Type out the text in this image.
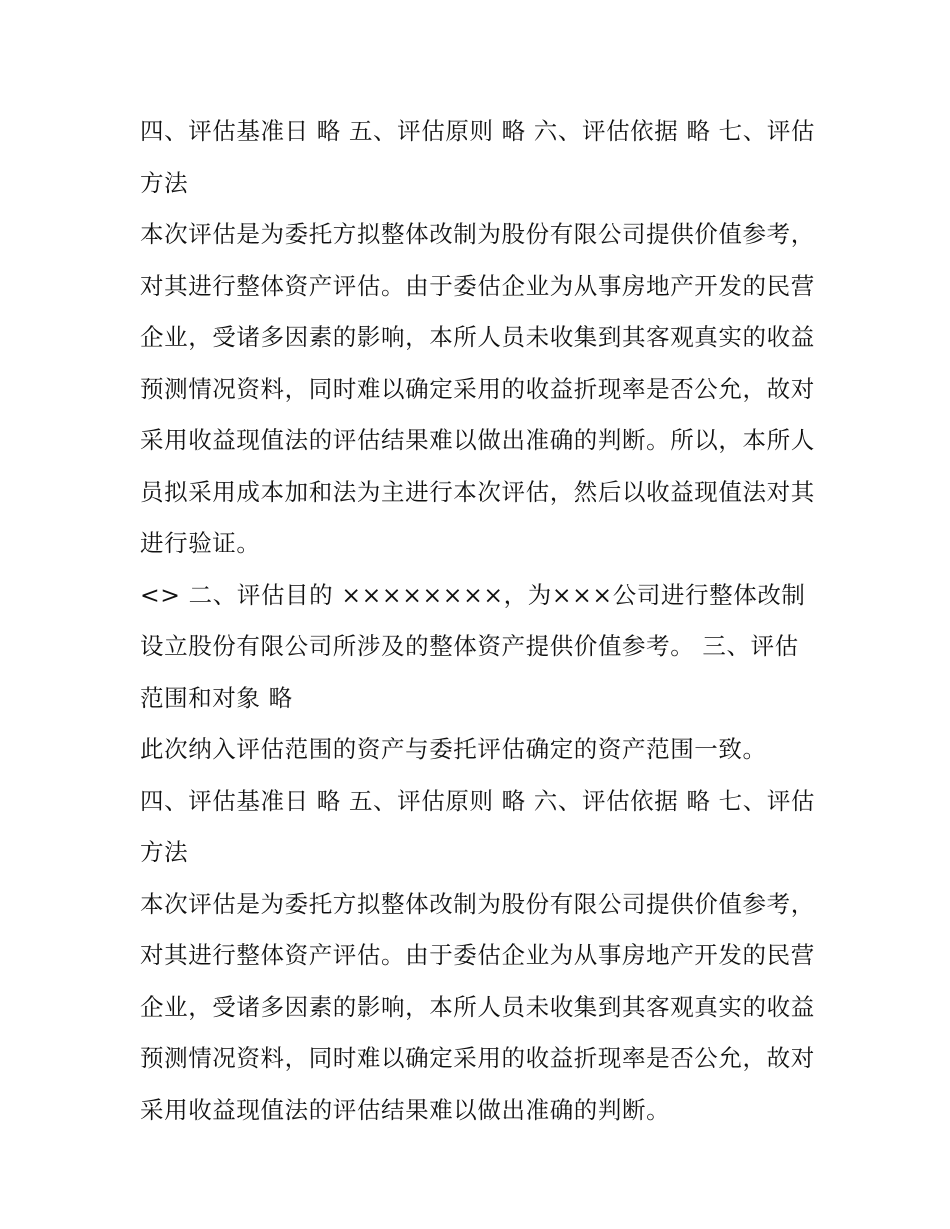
四、评估基准日 略 五、评估原则 略 六、评估依据 略 七、评估方法

本次评估是为委托方拟整体改制为股份有限公司提供价值参考，对其进行整体资产评估。由于委估企业为从事房地产开发的民营企业，受诸多因素的影响，本所人员未收集到其客观真实的收益预测情况资料，同时难以确定采用的收益折现率是否公允，故对采用收益现值法的评估结果难以做出准确的判断。所以，本所人员拟采用成本加和法为主进行本次评估，然后以收益现值法对其进行验证。

<> 二、评估目的 ××××××××，为×××公司进行整体改制设立股份有限公司所涉及的整体资产提供价值参考。 三、评估范围和对象 略

此次纳入评估范围的资产与委托评估确定的资产范围一致。

四、评估基准日 略 五、评估原则 略 六、评估依据 略 七、评估方法

本次评估是为委托方拟整体改制为股份有限公司提供价值参考，对其进行整体资产评估。由于委估企业为从事房地产开发的民营企业，受诸多因素的影响，本所人员未收集到其客观真实的收益预测情况资料，同时难以确定采用的收益折现率是否公允，故对采用收益现值法的评估结果难以做出准确的判断。
